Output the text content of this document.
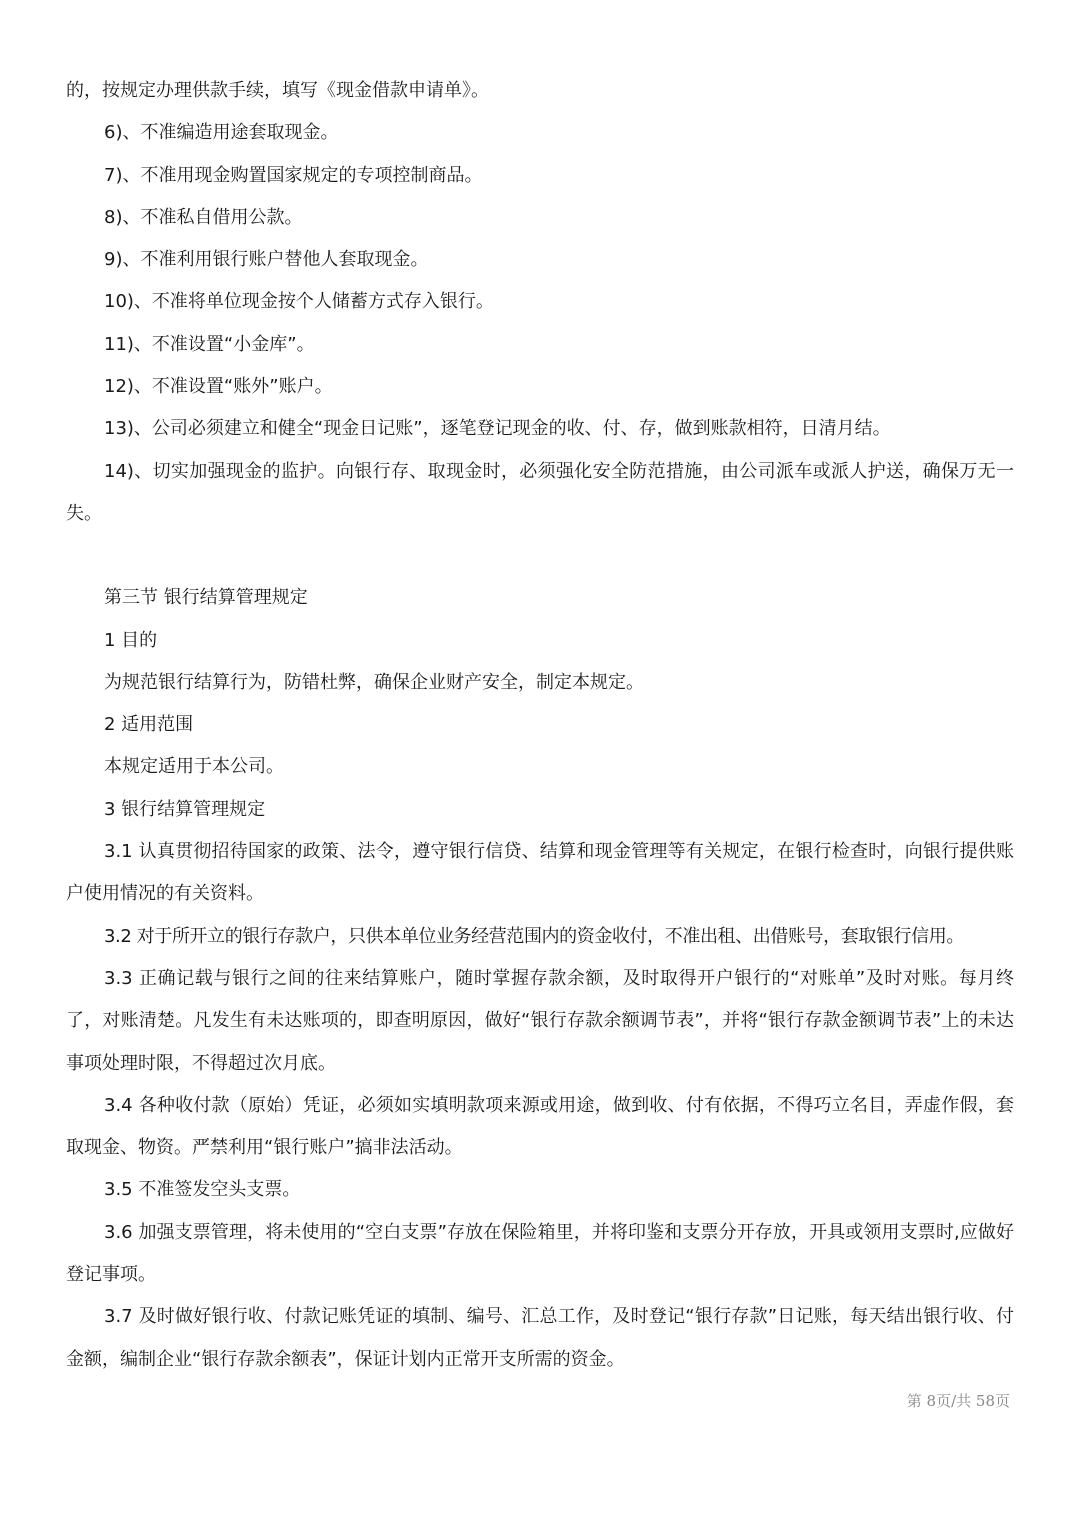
的，按规定办理供款手续，填写《现金借款申请单》。

6)、不准编造用途套取现金。

7)、不准用现金购置国家规定的专项控制商品。

8)、不准私自借用公款。

9)、不准利用银行账户替他人套取现金。

10)、不准将单位现金按个人储蓄方式存入银行。

11)、不准设置“小金库”。

12)、不准设置“账外”账户。

13)、公司必须建立和健全“现金日记账”，逐笔登记现金的收、付、存，做到账款相符，日清月结。

14)、切实加强现金的监护。向银行存、取现金时，必须强化安全防范措施，由公司派车或派人护送，确保万无一失。

第三节 银行结算管理规定

1 目的

为规范银行结算行为，防错杜弊，确保企业财产安全，制定本规定。

2 适用范围

本规定适用于本公司。

3 银行结算管理规定

3.1 认真贯彻招待国家的政策、法令，遵守银行信贷、结算和现金管理等有关规定，在银行检查时，向银行提供账户使用情况的有关资料。

3.2 对于所开立的银行存款户，只供本单位业务经营范围内的资金收付，不准出租、出借账号，套取银行信用。

3.3 正确记载与银行之间的往来结算账户，随时掌握存款余额，及时取得开户银行的“对账单”及时对账。每月终了，对账清楚。凡发生有未达账项的，即查明原因，做好“银行存款余额调节表”，并将“银行存款金额调节表”上的未达事项处理时限，不得超过次月底。

3.4 各种收付款（原始）凭证，必须如实填明款项来源或用途，做到收、付有依据，不得巧立名目，弄虚作假，套取现金、物资。严禁利用“银行账户”搞非法活动。

3.5 不准签发空头支票。

3.6 加强支票管理，将未使用的“空白支票”存放在保险箱里，并将印鉴和支票分开存放，开具或领用支票时,应做好登记事项。

3.7 及时做好银行收、付款记账凭证的填制、编号、汇总工作，及时登记“银行存款”日记账，每天结出银行收、付金额，编制企业“银行存款余额表”，保证计划内正常开支所需的资金。

第 8页/共 58页
